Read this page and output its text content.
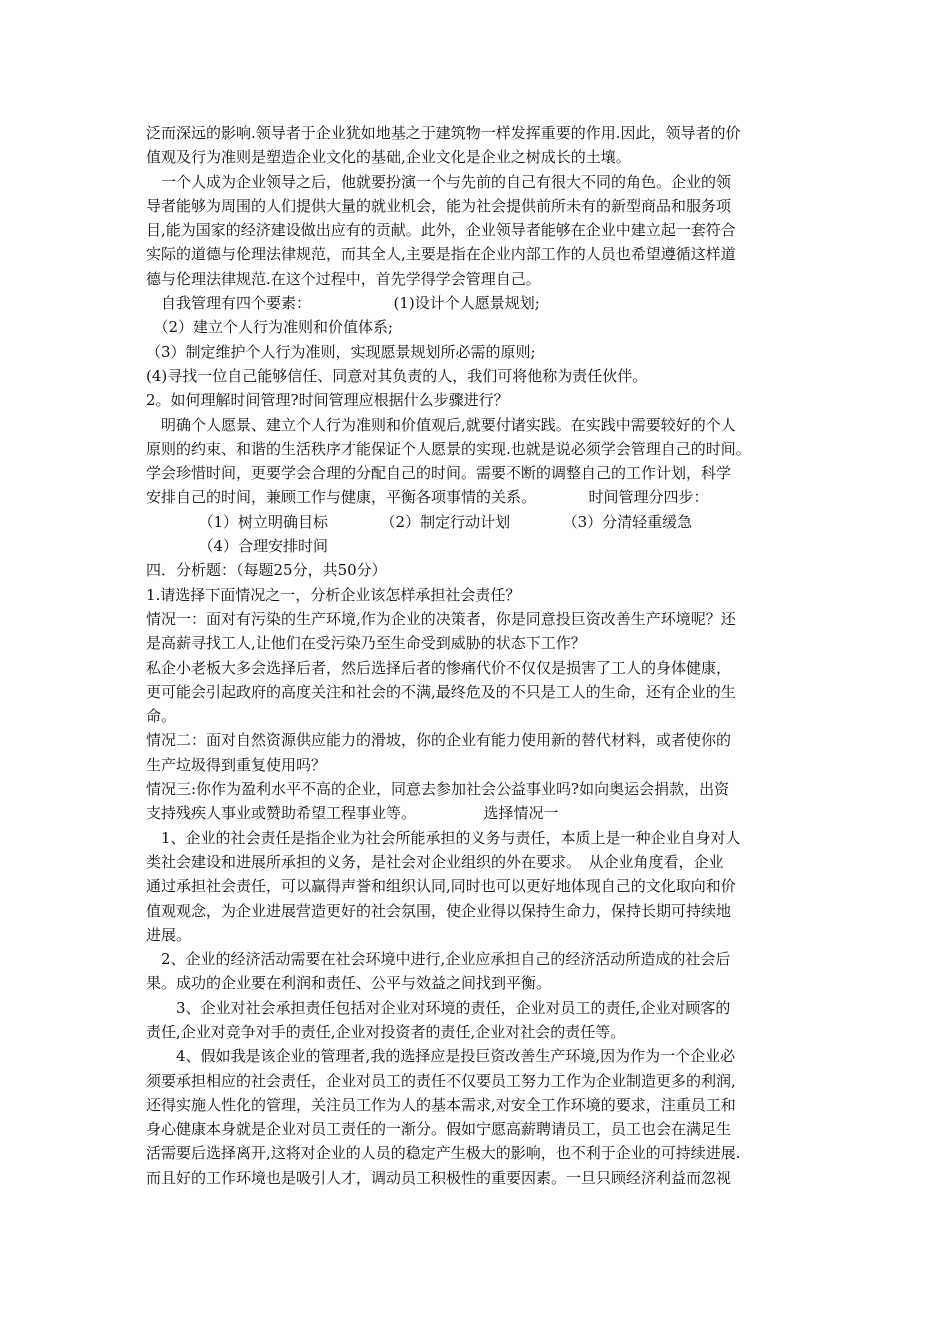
泛而深远的影响.领导者于企业犹如地基之于建筑物一样发挥重要的作用.因此，领导者的价

值观及行为准则是塑造企业文化的基础,企业文化是企业之树成长的土壤。

　一个人成为企业领导之后，他就要扮演一个与先前的自己有很大不同的角色。企业的领

导者能够为周围的人们提供大量的就业机会，能为社会提供前所未有的新型商品和服务项

目,能为国家的经济建设做出应有的贡献。此外，企业领导者能够在企业中建立起一套符合

实际的道德与伦理法律规范，而其全人,主要是指在企业内部工作的人员也希望遵循这样道

德与伦理法律规范.在这个过程中，首先学得学会管理自己。

　自我管理有四个要素：　　　　　　(1)设计个人愿景规划;

　（2）建立个人行为准则和价值体系;

（3）制定维护个人行为准则，实现愿景规划所必需的原则;

(4)寻找一位自己能够信任、同意对其负责的人，我们可将他称为责任伙伴。

2。如何理解时间管理?时间管理应根据什么步骤进行？

　明确个人愿景、建立个人行为准则和价值观后,就要付诸实践。在实践中需要较好的个人

原则的约束、和谐的生活秩序才能保证个人愿景的实现.也就是说必须学会管理自己的时间。

学会珍惜时间，更要学会合理的分配自己的时间。需要不断的调整自己的工作计划，科学

安排自己的时间，兼顾工作与健康，平衡各项事情的关系。　　　　时间管理分四步：

　　　　（1）树立明确目标　　　　（2）制定行动计划　　　　（3）分清轻重缓急

　　　　（4）合理安排时间

四．分析题：（每题25分，共50分）

1.请选择下面情况之一，分析企业该怎样承担社会责任？

情况一：面对有污染的生产环境,作为企业的决策者，你是同意投巨资改善生产环境呢？还

是高薪寻找工人,让他们在受污染乃至生命受到威胁的状态下工作？

私企小老板大多会选择后者，然后选择后者的惨痛代价不仅仅是损害了工人的身体健康，

更可能会引起政府的高度关注和社会的不满,最终危及的不只是工人的生命，还有企业的生

命。

情况二：面对自然资源供应能力的滑坡，你的企业有能力使用新的替代材料，或者使你的

生产垃圾得到重复使用吗？

情况三:你作为盈利水平不高的企业，同意去参加社会公益事业吗?如向奥运会捐款，出资

支持残疾人事业或赞助希望工程事业等。　　　　　选择情况一

　1、企业的社会责任是指企业为社会所能承担的义务与责任，本质上是一种企业自身对人

类社会建设和进展所承担的义务，是社会对企业组织的外在要求。　从企业角度看，企业

通过承担社会责任，可以赢得声誉和组织认同,同时也可以更好地体现自己的文化取向和价

值观观念，为企业进展营造更好的社会氛围，使企业得以保持生命力，保持长期可持续地

进展。

　2、企业的经济活动需要在社会环境中进行,企业应承担自己的经济活动所造成的社会后

果。成功的企业要在利润和责任、公平与效益之间找到平衡。

　　3、企业对社会承担责任包括对企业对环境的责任，企业对员工的责任,企业对顾客的

责任,企业对竞争对手的责任,企业对投资者的责任,企业对社会的责任等。

　　4、假如我是该企业的管理者,我的选择应是投巨资改善生产环境,因为作为一个企业必

须要承担相应的社会责任，企业对员工的责任不仅要员工努力工作为企业制造更多的利润,

还得实施人性化的管理，关注员工作为人的基本需求,对安全工作环境的要求，注重员工和

身心健康本身就是企业对员工责任的一渐分。假如宁愿高薪聘请员工，员工也会在满足生

活需要后选择离开,这将对企业的人员的稳定产生极大的影响，也不利于企业的可持续进展.

而且好的工作环境也是吸引人才，调动员工积极性的重要因素。一旦只顾经济利益而忽视
